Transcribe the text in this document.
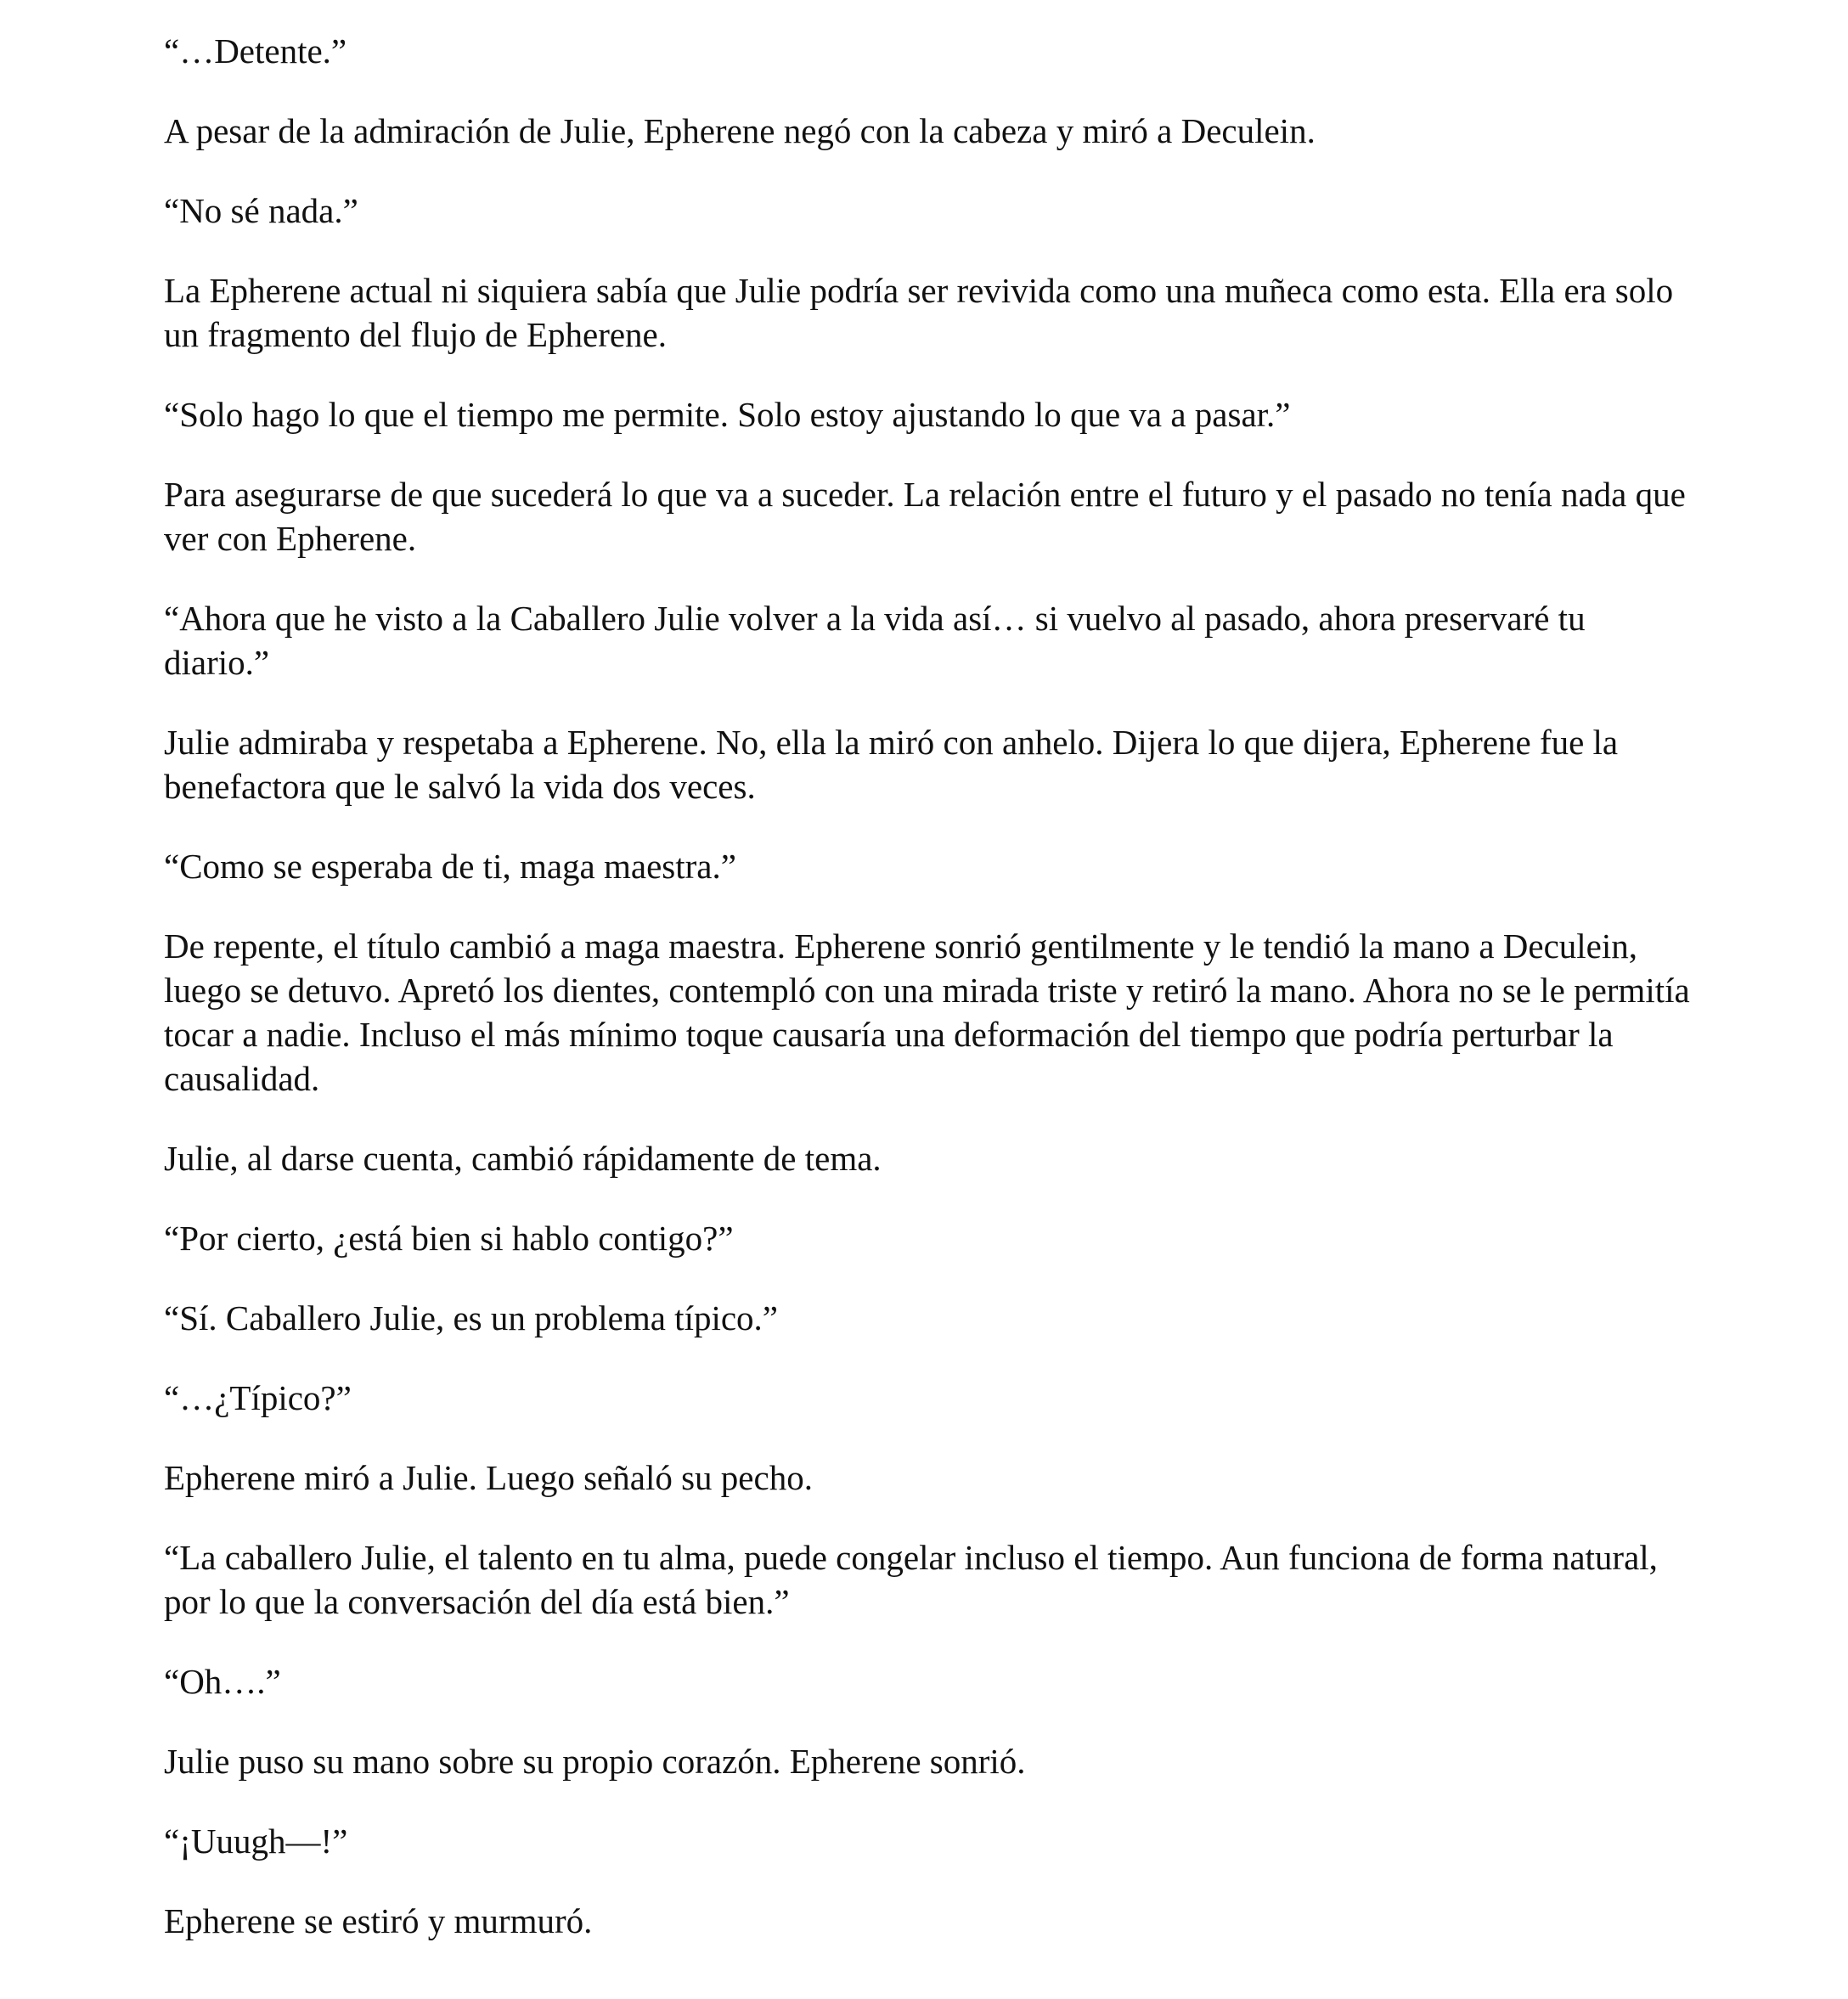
“…Detente.”

A pesar de la admiración de Julie, Epherene negó con la cabeza y miró a Deculein.

“No sé nada.”

La Epherene actual ni siquiera sabía que Julie podría ser revivida como una muñeca como esta. Ella era solo un fragmento del flujo de Epherene.

“Solo hago lo que el tiempo me permite. Solo estoy ajustando lo que va a pasar.”

Para asegurarse de que sucederá lo que va a suceder. La relación entre el futuro y el pasado no tenía nada que ver con Epherene.

“Ahora que he visto a la Caballero Julie volver a la vida así… si vuelvo al pasado, ahora preservaré tu diario.”

Julie admiraba y respetaba a Epherene. No, ella la miró con anhelo. Dijera lo que dijera, Epherene fue la benefactora que le salvó la vida dos veces.

“Como se esperaba de ti, maga maestra.”

De repente, el título cambió a maga maestra. Epherene sonrió gentilmente y le tendió la mano a Deculein, luego se detuvo. Apretó los dientes, contempló con una mirada triste y retiró la mano. Ahora no se le permitía tocar a nadie. Incluso el más mínimo toque causaría una deformación del tiempo que podría perturbar la causalidad.

Julie, al darse cuenta, cambió rápidamente de tema.

“Por cierto, ¿está bien si hablo contigo?”

“Sí. Caballero Julie, es un problema típico.”

“…¿Típico?”

Epherene miró a Julie. Luego señaló su pecho.

“La caballero Julie, el talento en tu alma, puede congelar incluso el tiempo. Aun funciona de forma natural, por lo que la conversación del día está bien.”

“Oh….”

Julie puso su mano sobre su propio corazón. Epherene sonrió.

“¡Uuugh—!”

Epherene se estiró y murmuró.
